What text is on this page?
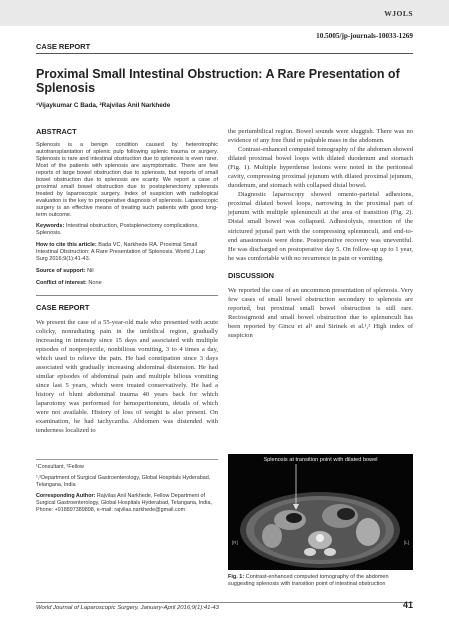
WJOLS
10.5005/jp-journals-10033-1269
CASE REPORT
Proximal Small Intestinal Obstruction: A Rare Presentation of Splenosis
¹Vijaykumar C Bada, ²Rajvilas Anil Narkhede
ABSTRACT
Splenosis is a benign condition caused by heterotrophic autotransplantation of splenic pulp following splenic trauma or surgery. Splenosis is rare and intestinal obstruction due to splenosis is even rarer. Most of the patients with splenosis are asymptomatic. There are few reports of large bowel obstruction due to splenosis, but reports of small bowel obstruction due to splenosis are scanty. We report a case of proximal small bowel obstruction due to postsplenectomy splenosis treated by laparoscopic surgery. Index of suspicion with radiological evaluation is the key to preoperative diagnosis of splenosis. Laparoscopic surgery is an effective means of treating such patients with good long-term outcome.
Keywords: Intestinal obstruction, Postsplenectomy complications, Splenosis.
How to cite this article: Bada VC, Narkhede RA. Proximal Small Intestinal Obstruction: A Rare Presentation of Splenosis. World J Lap Surg 2016;9(1):41-43.
Source of support: Nil
Conflict of interest: None
CASE REPORT

We present the case of a 55-year-old male who presented with acute colicky, nonradiating pain in the umbilical region, gradually increasing in intensity since 15 days and associated with multiple episodes of nonprojectile, nonbilious vomiting, 3 to 4 times a day, which used to relieve the pain. He had constipation since 3 days associated with gradually increasing abdominal distension. He had similar episodes of abdominal pain and multiple bilious vomiting since last 5 years, which were treated conservatively. He had a history of blunt abdominal trauma 40 years back for which laparotomy was performed for hemoperitoneum, details of which were not available. History of loss of weight is also present. On examination, he had tachycardia. Abdomen was distended with tenderness localized to

¹Consultant, ²Fellow
¹,²Department of Surgical Gastroenterology, Global Hospitals Hyderabad, Telangana, India
Corresponding Author: Rajvilas Anil Narkhede, Fellow Department of Surgical Gastroenterology, Global Hospitals Hyderabad, Telangana, India, Phone: +918897389898, e-mail: rajvilas.narkhede@gmail.com

the periumbilical region. Bowel sounds were sluggish. There was no evidence of any free fluid or palpable mass in the abdomen.

Contrast-enhanced computed tomography of the abdomen showed dilated proximal bowel loops with dilated duodenum and stomach (Fig. 1). Multiple hyperdense lesions were noted in the peritoneal cavity, compressing proximal jejunum with dilated proximal jejunum, duodenum, and stomach with collapsed distal bowel.

Diagnostic laparoscopy showed omento-parietal adhesions, proximal dilated bowel loops, narrowing in the proximal part of jejunum with multiple splenunculi at the area of transition (Fig. 2). Distal small bowel was collapsed. Adhesiolysis, resection of the strictured jejunal part with the compressing splenunculi, and end-to-end anastomosis were done. Postoperative recovery was uneventful. He was discharged on postoperative day 5. On follow-up up to 1 year, he was comfortable with no recurrence in pain or vomiting.

DISCUSSION

We reported the case of an uncommon presentation of splenosis. Very few cases of small bowel obstruction secondary to splenosis are reported, but proximal small bowel obstruction is still rare. Rectosigmoid and small bowel obstruction due to splenunculi has been reported by Gincu et al¹ and Sirinek et al.¹,² High index of suspicion

Splenosis at transition point with dilated bowel
[R]	[L]
Fig. 1: Contrast-enhanced computed tomography of the abdomen suggesting splenosis with transition point of intestinal obstruction
World Journal of Laparoscopic Surgery, January-April 2016;9(1):41-43	41
